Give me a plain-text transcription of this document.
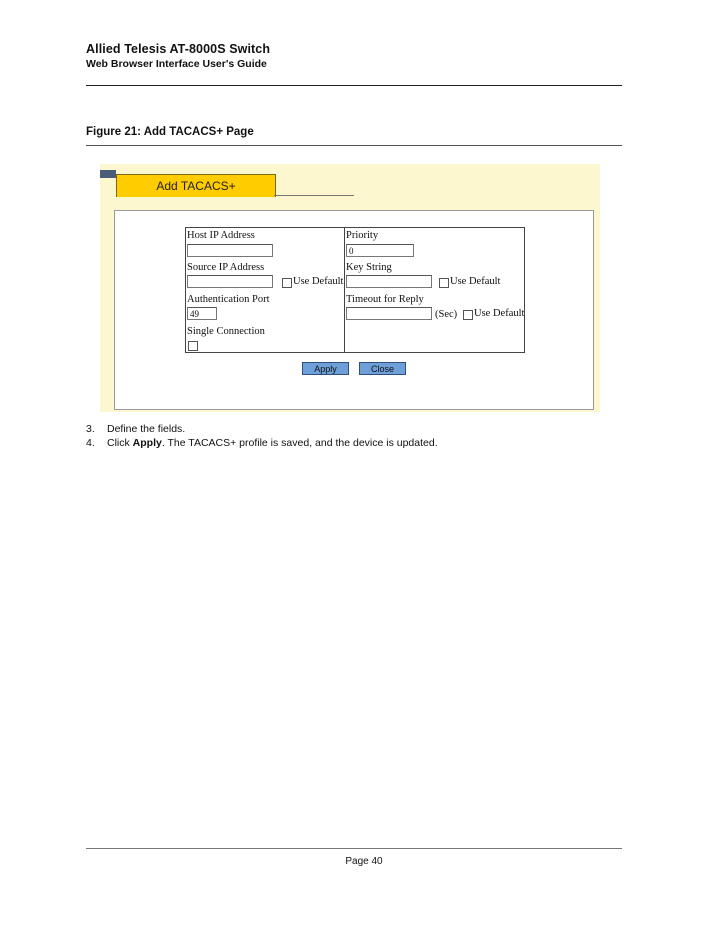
Allied Telesis AT-8000S Switch
Web Browser Interface User's Guide
Figure 21: Add TACACS+ Page
Add TACACS+
Host IP Address
Source IP Address
Use Default
Authentication Port
49
Single Connection
Priority
0
Key String
Use Default
Timeout for Reply
(Sec) Use Default
Apply	Close
3. Define the fields.
4. Click Apply. The TACACS+ profile is saved, and the device is updated.
Page 40
